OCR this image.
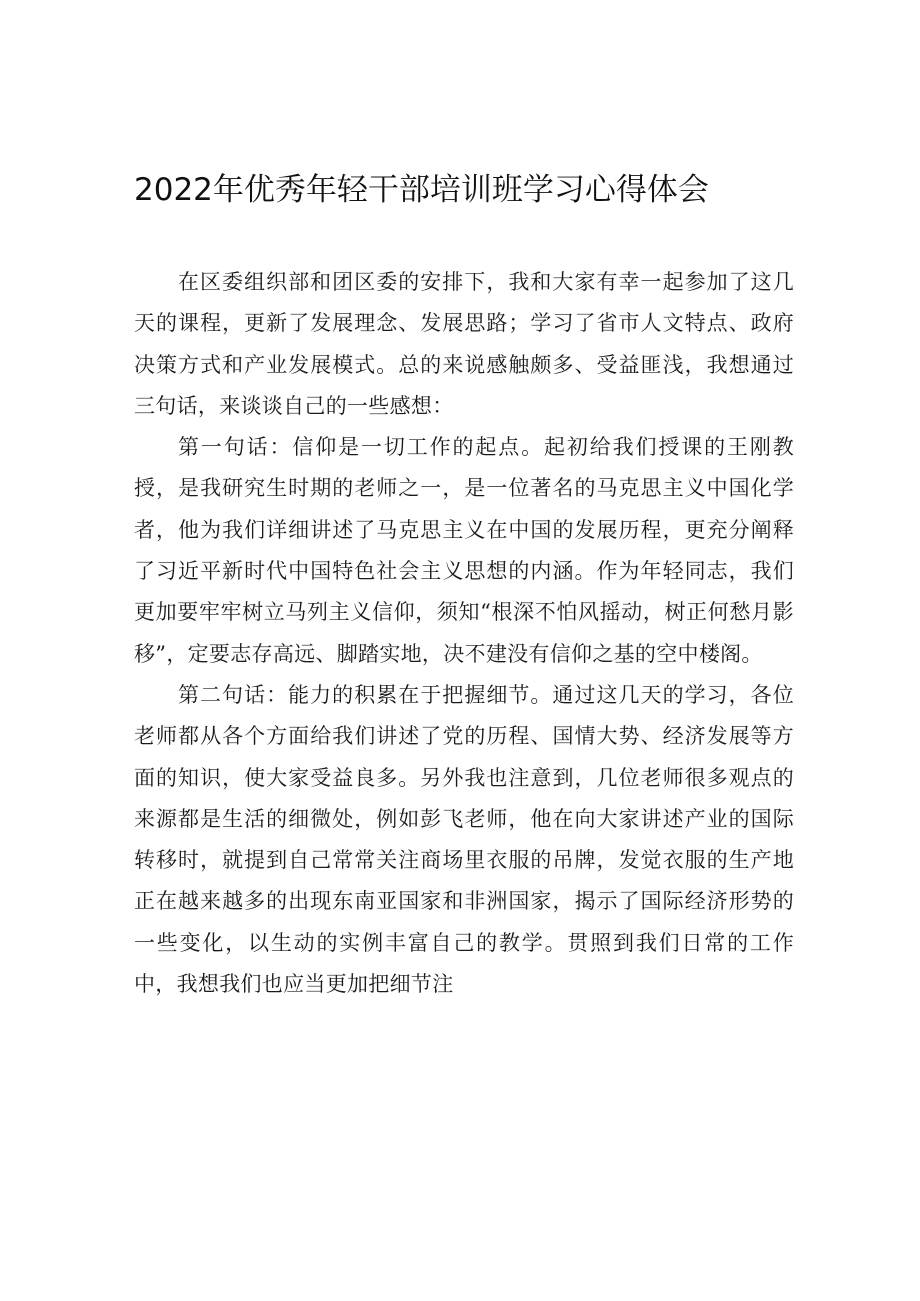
2022年优秀年轻干部培训班学习心得体会

在区委组织部和团区委的安排下，我和大家有幸一起参加了这几天的课程，更新了发展理念、发展思路；学习了省市人文特点、政府决策方式和产业发展模式。总的来说感触颇多、受益匪浅，我想通过三句话，来谈谈自己的一些感想：

第一句话：信仰是一切工作的起点。起初给我们授课的王刚教授，是我研究生时期的老师之一，是一位著名的马克思主义中国化学者，他为我们详细讲述了马克思主义在中国的发展历程，更充分阐释了习近平新时代中国特色社会主义思想的内涵。作为年轻同志，我们更加要牢牢树立马列主义信仰，须知“根深不怕风摇动，树正何愁月影移”，定要志存高远、脚踏实地，决不建没有信仰之基的空中楼阁。

第二句话：能力的积累在于把握细节。通过这几天的学习，各位老师都从各个方面给我们讲述了党的历程、国情大势、经济发展等方面的知识，使大家受益良多。另外我也注意到，几位老师很多观点的来源都是生活的细微处，例如彭飞老师，他在向大家讲述产业的国际转移时，就提到自己常常关注商场里衣服的吊牌，发觉衣服的生产地正在越来越多的出现东南亚国家和非洲国家，揭示了国际经济形势的一些变化，以生动的实例丰富自己的教学。贯照到我们日常的工作中，我想我们也应当更加把细节注
